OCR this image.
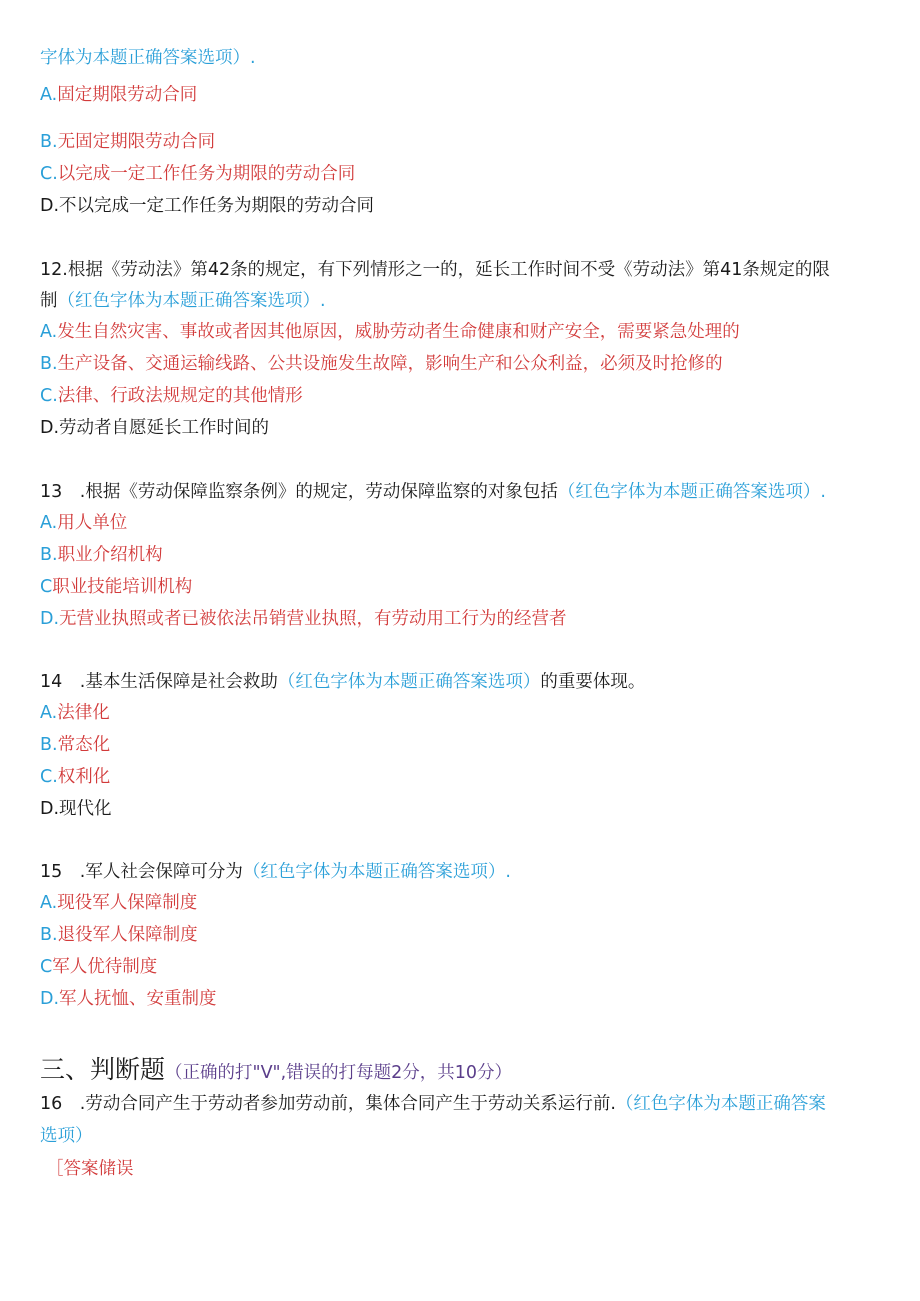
字体为本题正确答案选项）.
A.固定期限劳动合同
B.无固定期限劳动合同
C.以完成一定工作任务为期限的劳动合同
D.不以完成一定工作任务为期限的劳动合同
12.根据《劳动法》第42条的规定，有下列情形之一的，延长工作时间不受《劳动法》第41条规定的限
制（红色字体为本题正确答案选项）.
A.发生自然灾害、事故或者因其他原因，威胁劳动者生命健康和财产安全，需要紧急处理的
B.生产设备、交通运输线路、公共设施发生故障，影响生产和公众利益，必须及时抢修的
C.法律、行政法规规定的其他情形
D.劳动者自愿延长工作时间的
13　.根据《劳动保障监察条例》的规定，劳动保障监察的对象包括（红色字体为本题正确答案选项）.
A.用人单位
B.职业介绍机构
C职业技能培训机构
D.无营业执照或者已被依法吊销营业执照，有劳动用工行为的经营者
14　.基本生活保障是社会救助（红色字体为本题正确答案选项）的重要体现。
A.法律化
B.常态化
C.权利化
D.现代化
15　.军人社会保障可分为（红色字体为本题正确答案选项）.
A.现役军人保障制度
B.退役军人保障制度
C军人优待制度
D.军人抚恤、安重制度
三、判断题（正确的打"V",错误的打每题2分，共10分）
16　.劳动合同产生于劳动者参加劳动前，集体合同产生于劳动关系运行前.（红色字体为本题正确答案
选项）
［答案储误
